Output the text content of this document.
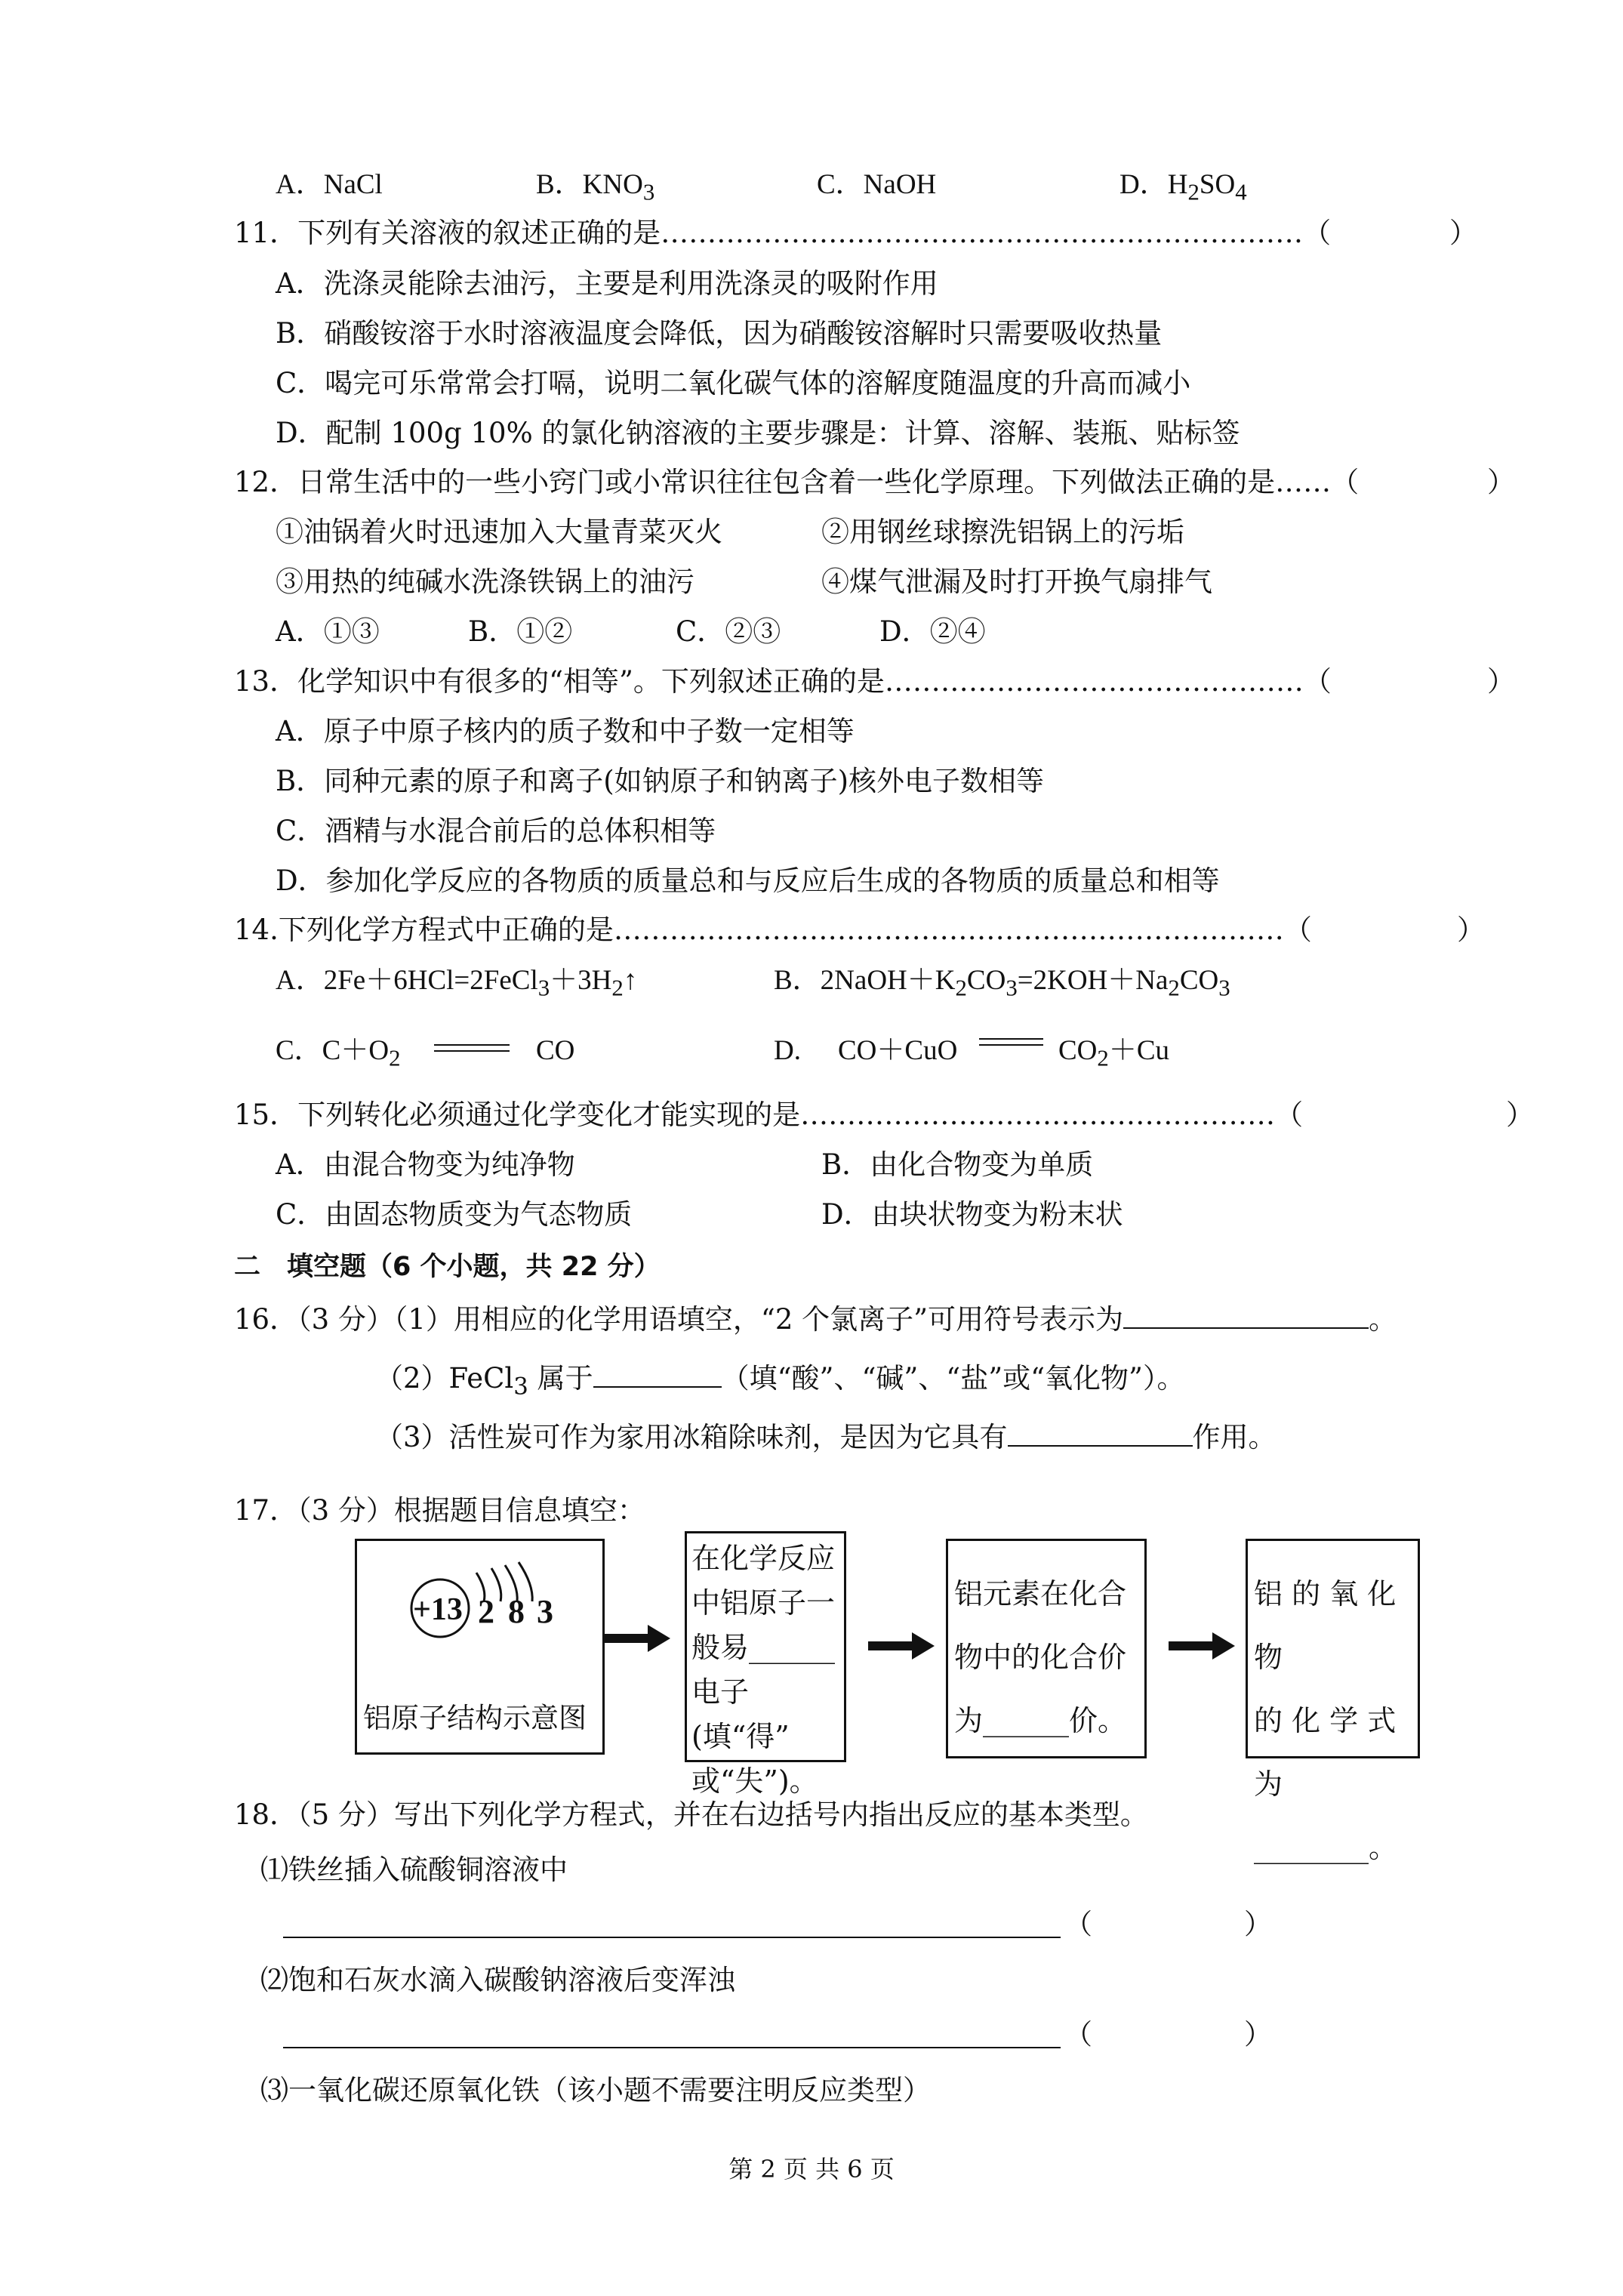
A．NaCl	B．$KNO_3$	C．NaOH	D．$H_2SO_4$
11．下列有关溶液的叙述正确的是……………………………………………………………（	）
A．洗涤灵能除去油污，主要是利用洗涤灵的吸附作用
B．硝酸铵溶于水时溶液温度会降低，因为硝酸铵溶解时只需要吸收热量
C．喝完可乐常常会打嗝，说明二氧化碳气体的溶解度随温度的升高而减小
D．配制 100g 10% 的氯化钠溶液的主要步骤是：计算、溶解、装瓶、贴标签
12．日常生活中的一些小窍门或小常识往往包含着一些化学原理。下列做法正确的是……（	）
①油锅着火时迅速加入大量青菜灭火	②用钢丝球擦洗铝锅上的污垢
③用热的纯碱水洗涤铁锅上的油污	④煤气泄漏及时打开换气扇排气
A．①③	B．①②	C．②③	D．②④
13．化学知识中有很多的“相等”。下列叙述正确的是………………………………………（	）
A．原子中原子核内的质子数和中子数一定相等
B．同种元素的原子和离子(如钠原子和钠离子)核外电子数相等
C．酒精与水混合前后的总体积相等
D．参加化学反应的各物质的质量总和与反应后生成的各物质的质量总和相等
14.下列化学方程式中正确的是………………………………………………………………（	）
A．$2Fe+6HCl=2FeCl_3+3H_2↑$	B．$2NaOH+K_2CO_3=2KOH+Na_2CO_3$
C．$C+O_2$	CO	D. CO＋CuO	$CO_2+Cu$
15．下列转化必须通过化学变化才能实现的是……………………………………………（	）
A．由混合物变为纯净物	B．由化合物变为单质
C．由固态物质变为气态物质	D．由块状物变为粉末状
二　填空题（6 个小题，共 22 分）
16．（3 分）（1）用相应的化学用语填空，“2 个氯离子”可用符号表示为	。
（2）FeCl$_3$ 属于	（填“酸”、“碱”、“盐”或“氧化物”）。
（3）活性炭可作为家用冰箱除味剂，是因为它具有	作用。
17．（3 分）根据题目信息填空：
+13 2 8 3
铝原子结构示意图
在化学反应
中铝原子一
般易______
电子(填“得”
或“失”)。
铝元素在化合
物中的化合价
为______价。
铝 的 氧 化 物
的 化 学 式
为________。
18．（5 分）写出下列化学方程式，并在右边括号内指出反应的基本类型。
⑴铁丝插入硫酸铜溶液中
（	）
⑵饱和石灰水滴入碳酸钠溶液后变浑浊
（	）
⑶一氧化碳还原氧化铁（该小题不需要注明反应类型）
第 2 页 共 6 页
